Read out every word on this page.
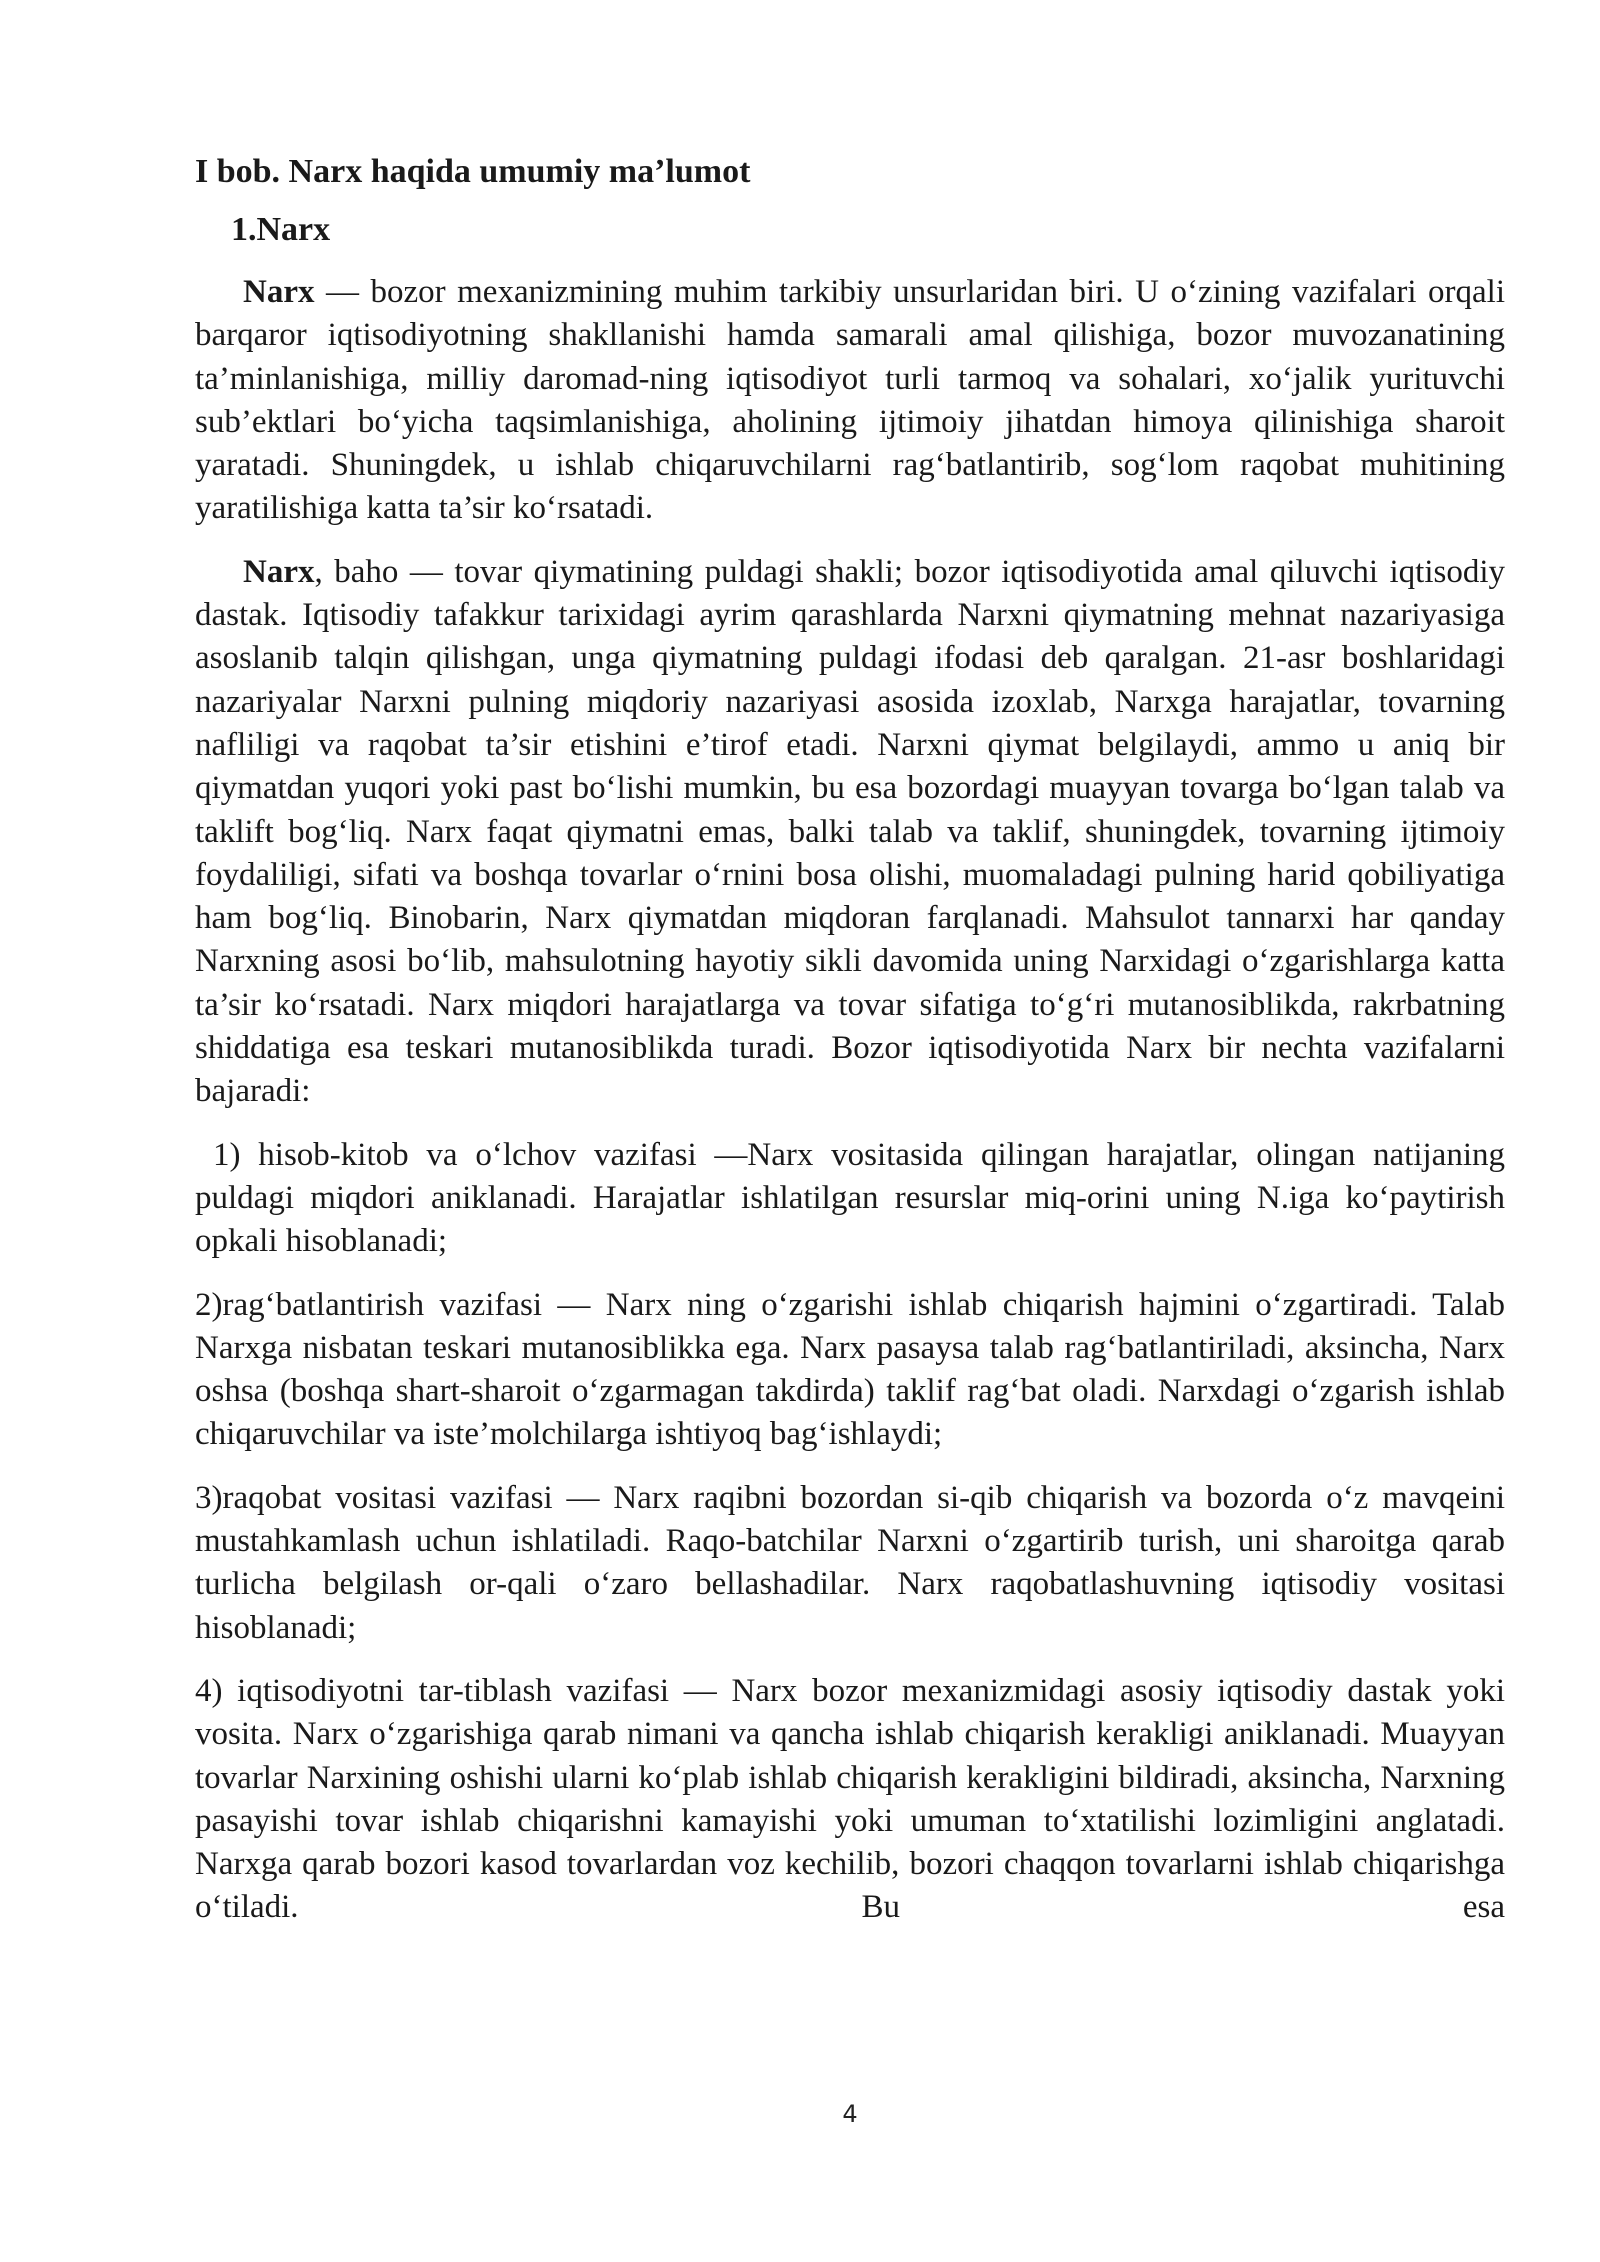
I bob. Narx haqida umumiy ma’lumot
1.Narx

Narx — bozor mexanizmining muhim tarkibiy unsurlaridan biri. U o‘zining vazifalari orqali barqaror iqtisodiyotning shakllanishi hamda samarali amal qilishiga, bozor muvozanatining ta’minlanishiga, milliy daromad-ning iqtisodiyot turli tarmoq va sohalari, xo‘jalik yurituvchi sub’ektlari bo‘yicha taqsimlanishiga, aholining ijtimoiy jihatdan himoya qilinishiga sharoit yaratadi. Shuningdek, u ishlab chiqaruvchilarni rag‘batlantirib, sog‘lom raqobat muhitining yaratilishiga katta ta’sir ko‘rsatadi.

Narx, baho — tovar qiymatining puldagi shakli; bozor iqtisodiyotida amal qiluvchi iqtisodiy dastak. Iqtisodiy tafakkur tarixidagi ayrim qarashlarda Narxni qiymatning mehnat nazariyasiga asoslanib talqin qilishgan, unga qiymatning puldagi ifodasi deb qaralgan. 21-asr boshlaridagi nazariyalar Narxni pulning miqdoriy nazariyasi asosida izoxlab, Narxga harajatlar, tovarning nafliligi va raqobat ta’sir etishini e’tirof etadi. Narxni qiymat belgilaydi, ammo u aniq bir qiymatdan yuqori yoki past bo‘lishi mumkin, bu esa bozordagi muayyan tovarga bo‘lgan talab va taklift bog‘liq. Narx faqat qiymatni emas, balki talab va taklif, shuningdek, tovarning ijtimoiy foydaliligi, sifati va boshqa tovarlar o‘rnini bosa olishi, muomaladagi pulning harid qobiliyatiga ham bog‘liq. Binobarin, Narx qiymatdan miqdoran farqlanadi. Mahsulot tannarxi har qanday Narxning asosi bo‘lib, mahsulotning hayotiy sikli davomida uning Narxidagi o‘zgarishlarga katta ta’sir ko‘rsatadi. Narx miqdori harajatlarga va tovar sifatiga to‘g‘ri mutanosiblikda, rakrbatning shiddatiga esa teskari mutanosiblikda turadi. Bozor iqtisodiyotida Narx bir nechta vazifalarni bajaradi:

1) hisob-kitob va o‘lchov vazifasi —Narx vositasida qilingan harajatlar, olingan natijaning puldagi miqdori aniklanadi. Harajatlar ishlatilgan resurslar miq-orini uning N.iga ko‘paytirish opkali hisoblanadi;

2)rag‘batlantirish vazifasi — Narx ning o‘zgarishi ishlab chiqarish hajmini o‘zgartiradi. Talab Narxga nisbatan teskari mutanosiblikka ega. Narx pasaysa talab rag‘batlantiriladi, aksincha, Narx oshsa (boshqa shart-sharoit o‘zgarmagan takdirda) taklif rag‘bat oladi. Narxdagi o‘zgarish ishlab chiqaruvchilar va iste’molchilarga ishtiyoq bag‘ishlaydi;

3)raqobat vositasi vazifasi — Narx raqibni bozordan si-qib chiqarish va bozorda o‘z mavqeini mustahkamlash uchun ishlatiladi. Raqo-batchilar Narxni o‘zgartirib turish, uni sharoitga qarab turlicha belgilash or-qali o‘zaro bellashadilar. Narx raqobatlashuvning iqtisodiy vositasi hisoblanadi;

4) iqtisodiyotni tar-tiblash vazifasi — Narx bozor mexanizmidagi asosiy iqtisodiy dastak yoki vosita. Narx o‘zgarishiga qarab nimani va qancha ishlab chiqarish kerakligi aniklanadi. Muayyan tovarlar Narxining oshishi ularni ko‘plab ishlab chiqarish kerakligini bildiradi, aksincha, Narxning pasayishi tovar ishlab chiqarishni kamayishi yoki umuman to‘xtatilishi lozimligini anglatadi. Narxga qarab bozori kasod tovarlardan voz kechilib, bozori chaqqon tovarlarni ishlab chiqarishga o‘tiladi. Bu esa

4
